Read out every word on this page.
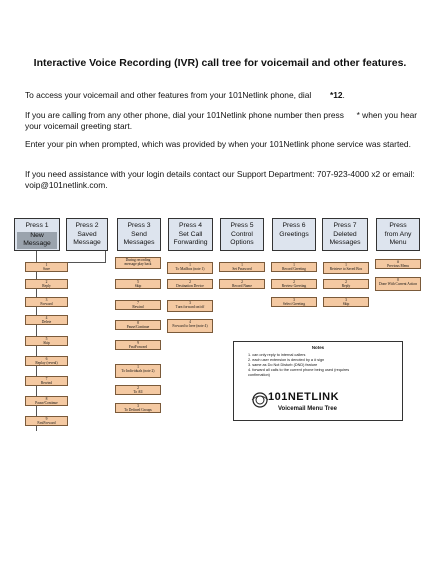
Interactive Voice Recording (IVR) call tree for voicemail and other features.
To access your voicemail and other features from your 101Netlink phone, dial *12.
If you are calling from any other phone, dial your 101Netlink phone number then press * when you hear your voicemail greeting start.
Enter your pin when prompted, which was provided by when your 101Netlink phone service was started.
If you need assistance with your login details contact our Support Department: 707-923-4000 x2 or email: voip@101netlink.com.
Press 1
New
Message
Press 2
Saved
Message
Press 3
Send
Messages
Press 4
Set Call
Forwarding
Press 5
Control
Options
Press 6
Greetings
Press 7
Deleted
Messages
Press
from Any
Menu
1
Save
2
Reply
3
Forward
4
Delete
5
Skip
6
Replay (reveal)
7
Rewind
8
Pause/Continue
9
FastForward
During recording
message play back
5
Skip
7
Rewind
8
Pause/Continue
9
FastForward
1
To Individuals (note 2)
2
To All
3
To Defined Groups
1
To Mailbox (note 1)
2
Destination Device
3
Turn forward on/off
4
Forward to here (note 4)
1
Set Password
2
Record Name
1
Record Greeting
2
Review Greeting
3
Select Greeting
1
Retrieve to Saved Box
2
Reply
3
Skip
#
Previous Menu
0
Done With Current Action
Notes
1. can only reply to internal callers
2. each user extension is denoted by a # sign
3. same as Do Not Disturb (DND) feature
4. forward all calls to the current phone being used (requires
confirmation)
101NETLINK
Voicemail Menu Tree
